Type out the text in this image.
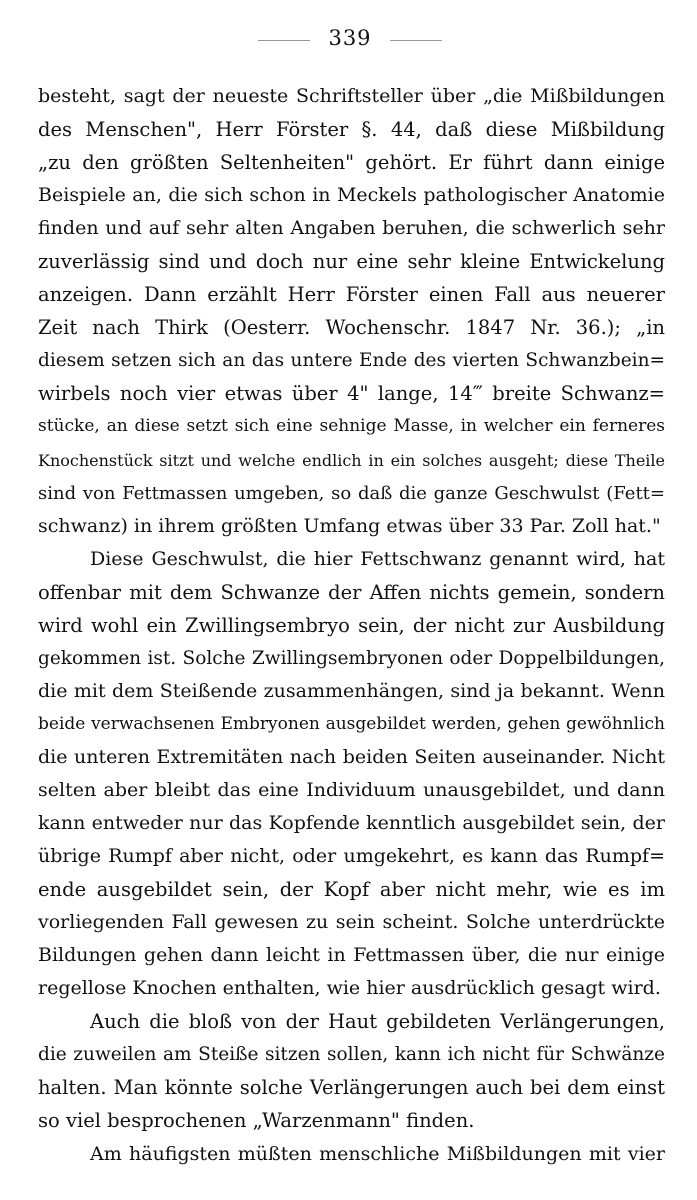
339
besteht, sagt der neueste Schriftsteller über „die Mißbildungen
des Menschen", Herr Förster §. 44, daß diese Mißbildung
„zu den größten Seltenheiten" gehört. Er führt dann einige
Beispiele an, die sich schon in Meckels pathologischer Anatomie
finden und auf sehr alten Angaben beruhen, die schwerlich sehr
zuverlässig sind und doch nur eine sehr kleine Entwickelung
anzeigen. Dann erzählt Herr Förster einen Fall aus neuerer
Zeit nach Thirk (Oesterr. Wochenschr. 1847 Nr. 36.); „in
diesem setzen sich an das untere Ende des vierten Schwanzbein=
wirbels noch vier etwas über 4" lange, 14‴ breite Schwanz=
stücke, an diese setzt sich eine sehnige Masse, in welcher ein ferneres
Knochenstück sitzt und welche endlich in ein solches ausgeht; diese Theile
sind von Fettmassen umgeben, so daß die ganze Geschwulst (Fett=
schwanz) in ihrem größten Umfang etwas über 33 Par. Zoll hat."
Diese Geschwulst, die hier Fettschwanz genannt wird, hat
offenbar mit dem Schwanze der Affen nichts gemein, sondern
wird wohl ein Zwillingsembryo sein, der nicht zur Ausbildung
gekommen ist. Solche Zwillingsembryonen oder Doppelbildungen,
die mit dem Steißende zusammenhängen, sind ja bekannt. Wenn
beide verwachsenen Embryonen ausgebildet werden, gehen gewöhnlich
die unteren Extremitäten nach beiden Seiten auseinander. Nicht
selten aber bleibt das eine Individuum unausgebildet, und dann
kann entweder nur das Kopfende kenntlich ausgebildet sein, der
übrige Rumpf aber nicht, oder umgekehrt, es kann das Rumpf=
ende ausgebildet sein, der Kopf aber nicht mehr, wie es im
vorliegenden Fall gewesen zu sein scheint. Solche unterdrückte
Bildungen gehen dann leicht in Fettmassen über, die nur einige
regellose Knochen enthalten, wie hier ausdrücklich gesagt wird.
Auch die bloß von der Haut gebildeten Verlängerungen,
die zuweilen am Steiße sitzen sollen, kann ich nicht für Schwänze
halten. Man könnte solche Verlängerungen auch bei dem einst
so viel besprochenen „Warzenmann" finden.
Am häufigsten müßten menschliche Mißbildungen mit vier
